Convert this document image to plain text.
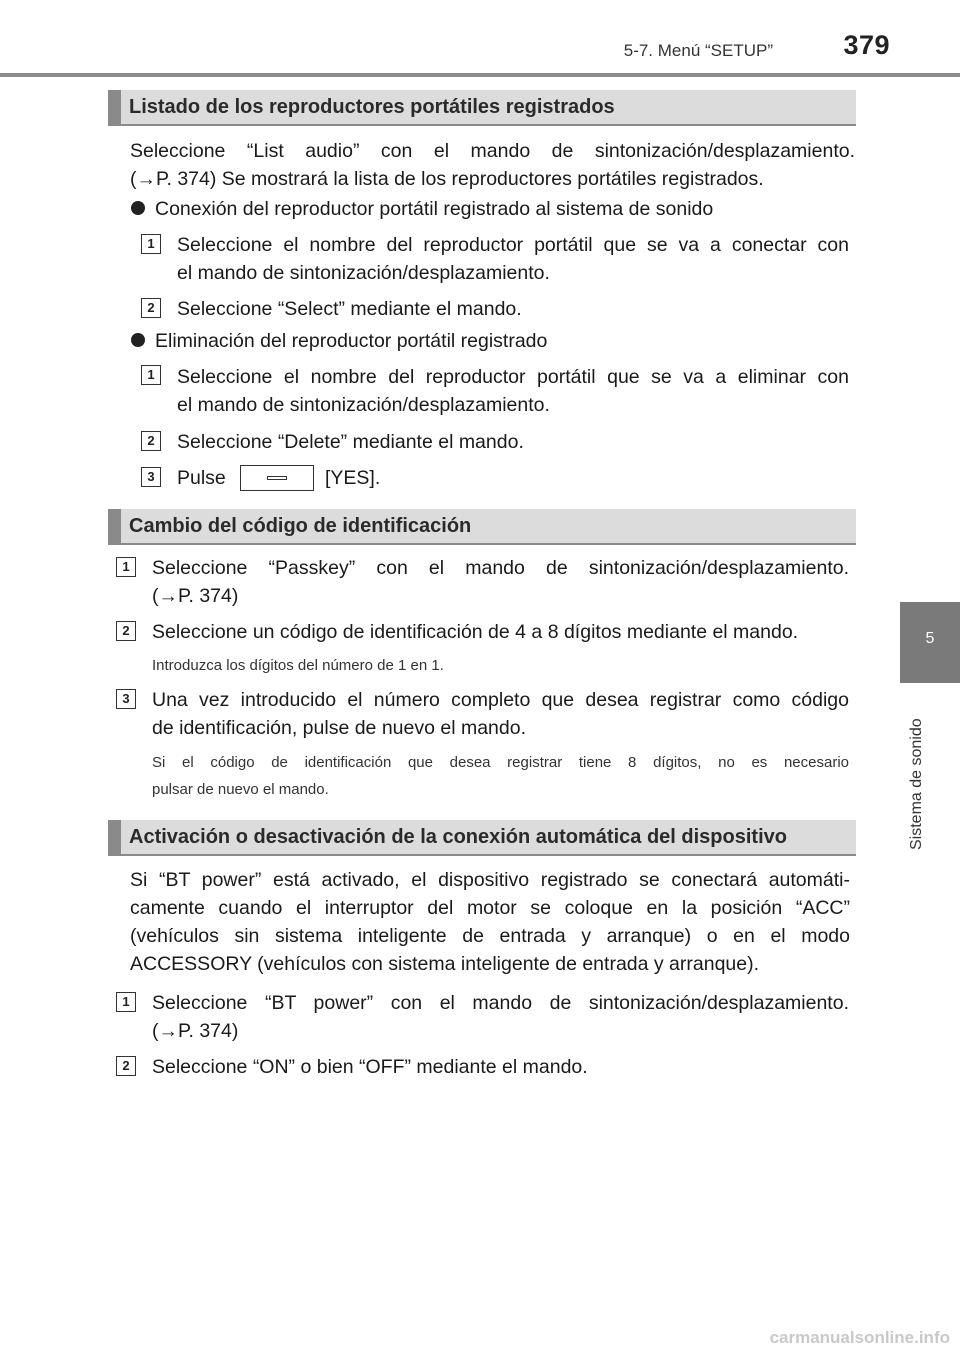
5-7. Menú “SETUP”	379
5
Sistema de sonido
Listado de los reproductores portátiles registrados
Seleccione “List audio” con el mando de sintonización/desplazamiento.
(→P. 374) Se mostrará la lista de los reproductores portátiles registrados.
Conexión del reproductor portátil registrado al sistema de sonido
1	Seleccione el nombre del reproductor portátil que se va a conectar con
el mando de sintonización/desplazamiento.
2	Seleccione “Select” mediante el mando.
Eliminación del reproductor portátil registrado
1	Seleccione el nombre del reproductor portátil que se va a eliminar con
el mando de sintonización/desplazamiento.
2	Seleccione “Delete” mediante el mando.
3	Pulse	[YES].
Cambio del código de identificación
1	Seleccione “Passkey” con el mando de sintonización/desplazamiento.
(→P. 374)
2	Seleccione un código de identificación de 4 a 8 dígitos mediante el mando.
Introduzca los dígitos del número de 1 en 1.
3	Una vez introducido el número completo que desea registrar como código
de identificación, pulse de nuevo el mando.
Si el código de identificación que desea registrar tiene 8 dígitos, no es necesario
pulsar de nuevo el mando.
Activación o desactivación de la conexión automática del dispositivo
Si “BT power” está activado, el dispositivo registrado se conectará automáti-
camente cuando el interruptor del motor se coloque en la posición “ACC”
(vehículos sin sistema inteligente de entrada y arranque) o en el modo
ACCESSORY (vehículos con sistema inteligente de entrada y arranque).
1	Seleccione “BT power” con el mando de sintonización/desplazamiento.
(→P. 374)
2	Seleccione “ON” o bien “OFF” mediante el mando.
carmanualsonline.info
